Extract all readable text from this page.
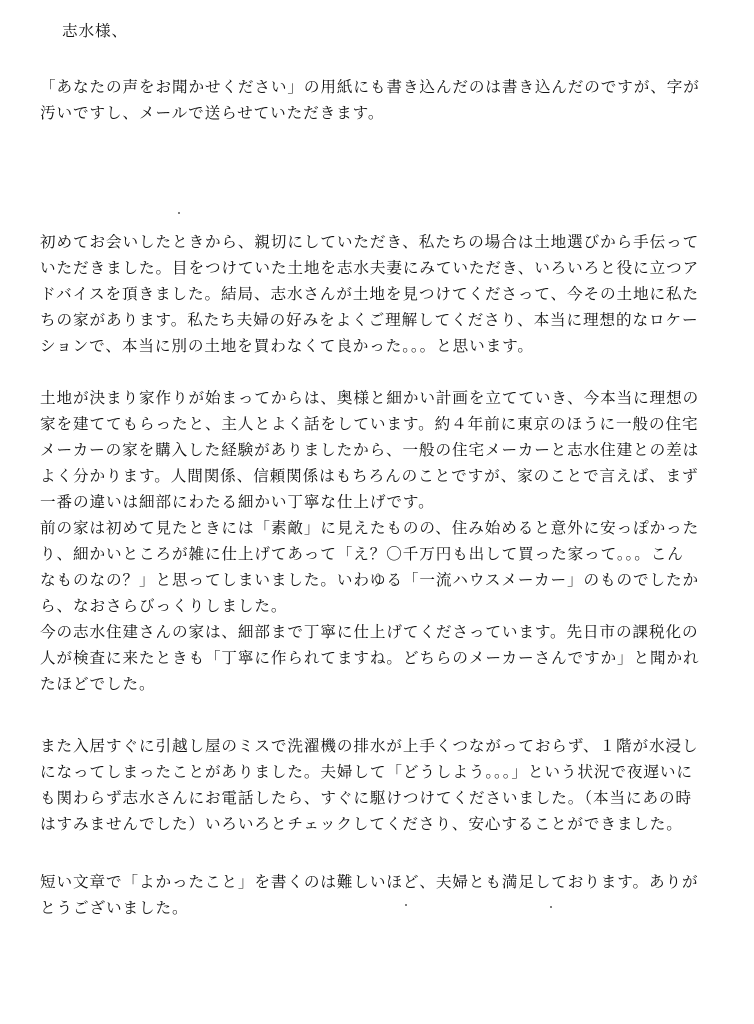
志水様、
「あなたの声をお聞かせください」の用紙にも書き込んだのは書き込んだのですが、字が
汚いですし、メールで送らせていただきます。
初めてお会いしたときから、親切にしていただき、私たちの場合は土地選びから手伝って
いただきました。目をつけていた土地を志水夫妻にみていただき、いろいろと役に立つア
ドバイスを頂きました。結局、志水さんが土地を見つけてくださって、今その土地に私た
ちの家があります。私たち夫婦の好みをよくご理解してくださり、本当に理想的なロケー
ションで、本当に別の土地を買わなくて良かった。。。と思います。
土地が決まり家作りが始まってからは、奥様と細かい計画を立てていき、今本当に理想の
家を建ててもらったと、主人とよく話をしています。約４年前に東京のほうに一般の住宅
メーカーの家を購入した経験がありましたから、一般の住宅メーカーと志水住建との差は
よく分かります。人間関係、信頼関係はもちろんのことですが、家のことで言えば、まず
一番の違いは細部にわたる細かい丁寧な仕上げです。
前の家は初めて見たときには「素敵」に見えたものの、住み始めると意外に安っぽかった
り、細かいところが雑に仕上げてあって「え？〇千万円も出して買った家って。。。こん
なものなの？」と思ってしまいました。いわゆる「一流ハウスメーカー」のものでしたか
ら、なおさらびっくりしました。
今の志水住建さんの家は、細部まで丁寧に仕上げてくださっています。先日市の課税化の
人が検査に来たときも「丁寧に作られてますね。どちらのメーカーさんですか」と聞かれ
たほどでした。
また入居すぐに引越し屋のミスで洗濯機の排水が上手くつながっておらず、１階が水浸し
になってしまったことがありました。夫婦して「どうしよう。。。」という状況で夜遅いに
も関わらず志水さんにお電話したら、すぐに駆けつけてくださいました。（本当にあの時
はすみませんでした）いろいろとチェックしてくださり、安心することができました。
短い文章で「よかったこと」を書くのは難しいほど、夫婦とも満足しております。ありが
とうございました。
